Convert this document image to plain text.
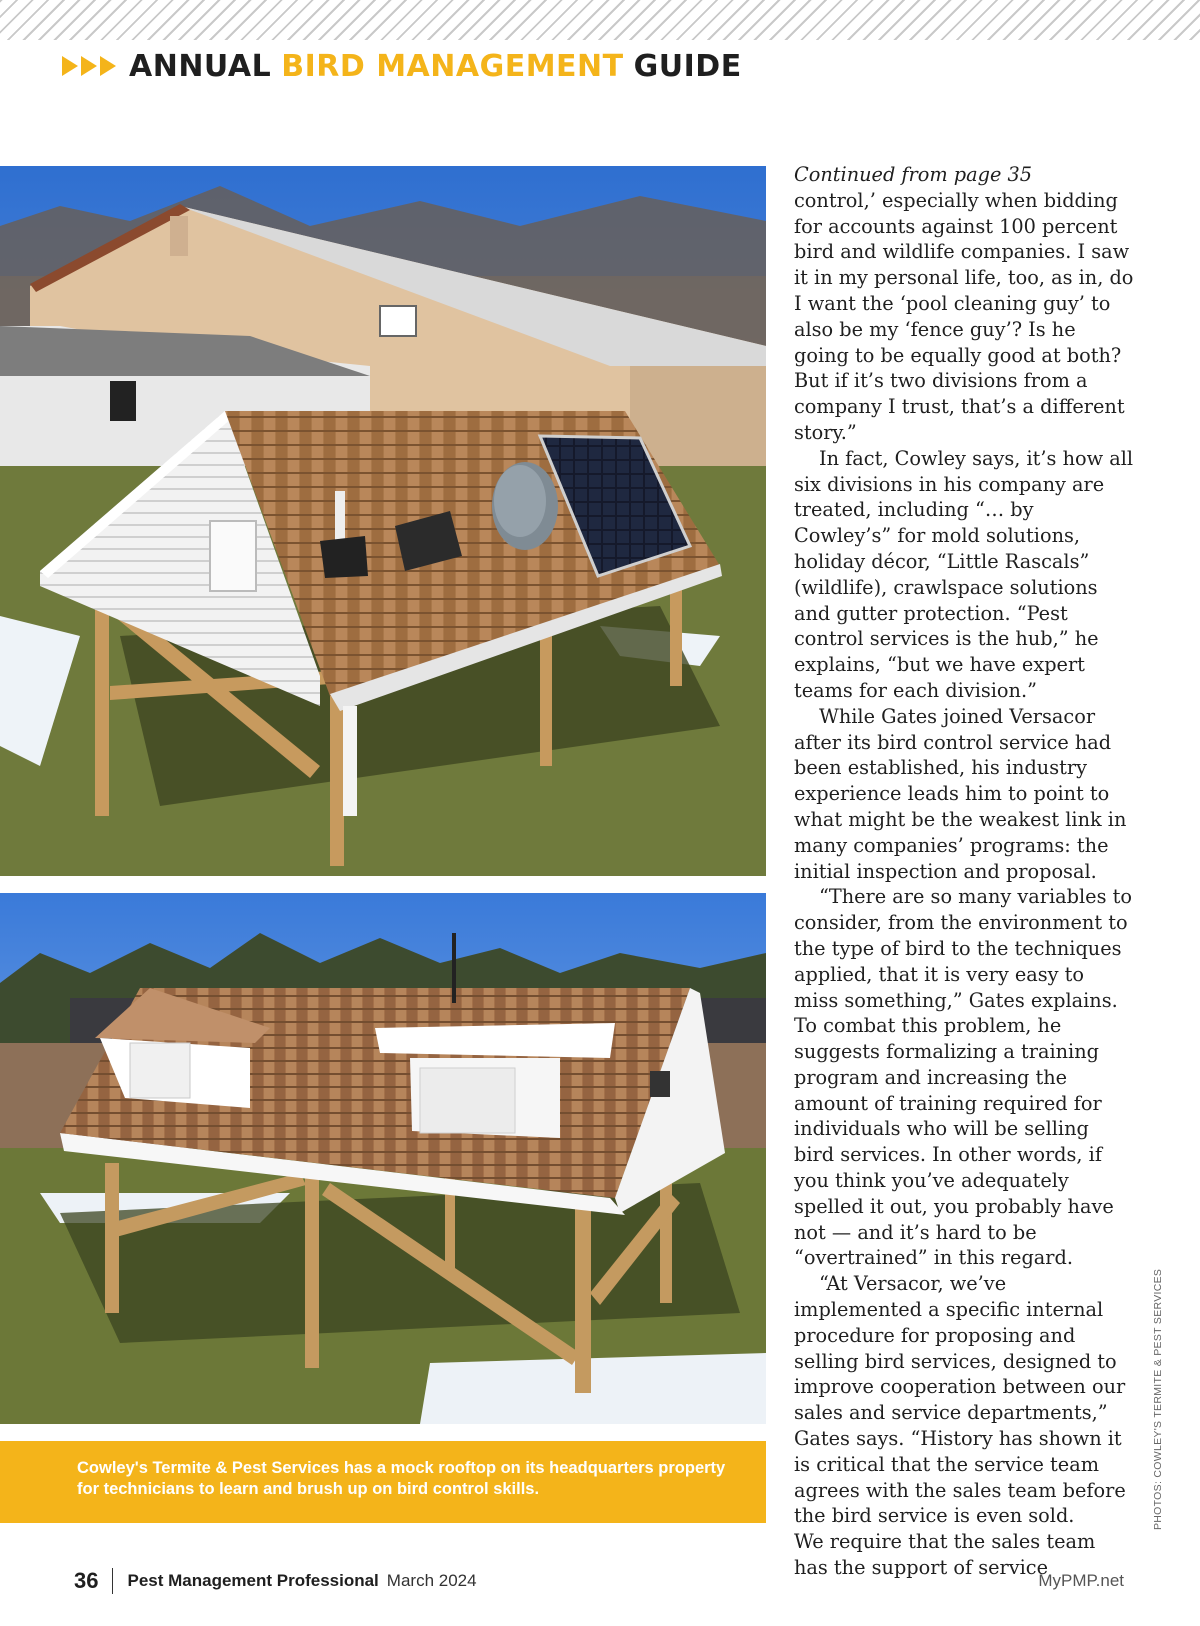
ANNUAL BIRD MANAGEMENT GUIDE
Cowley's Termite & Pest Services has a mock rooftop on its headquarters property for technicians to learn and brush up on bird control skills.

Continued from page 35

control,’ especially when bidding for accounts against 100 percent bird and wildlife companies. I saw it in my personal life, too, as in, do I want the ‘pool cleaning guy’ to also be my ‘fence guy’? Is he going to be equally good at both? But if it’s two divisions from a company I trust, that’s a different story.”

In fact, Cowley says, it’s how all six divisions in his company are treated, including “… by Cowley’s” for mold solutions, holiday décor, “Little Rascals” (wildlife), crawlspace solutions and gutter protection. “Pest control services is the hub,” he explains, “but we have expert teams for each division.”

While Gates joined Versacor after its bird control service had been established, his industry experience leads him to point to what might be the weakest link in many companies’ programs: the initial inspection and proposal.

“There are so many variables to consider, from the environment to the type of bird to the techniques applied, that it is very easy to miss something,” Gates explains. To combat this problem, he suggests formalizing a training program and increasing the amount of training required for individuals who will be selling bird services. In other words, if you think you’ve adequately spelled it out, you probably have not — and it’s hard to be “overtrained” in this regard.

“At Versacor, we’ve implemented a specific internal procedure for proposing and selling bird services, designed to improve cooperation between our sales and service departments,” Gates says. “History has shown it is critical that the service team agrees with the sales team before the bird service is even sold.

We require that the sales team has the support of service

PHOTOS: COWLEY'S TERMITE & PEST SERVICES
36 Pest Management Professional March 2024	MyPMP.net
